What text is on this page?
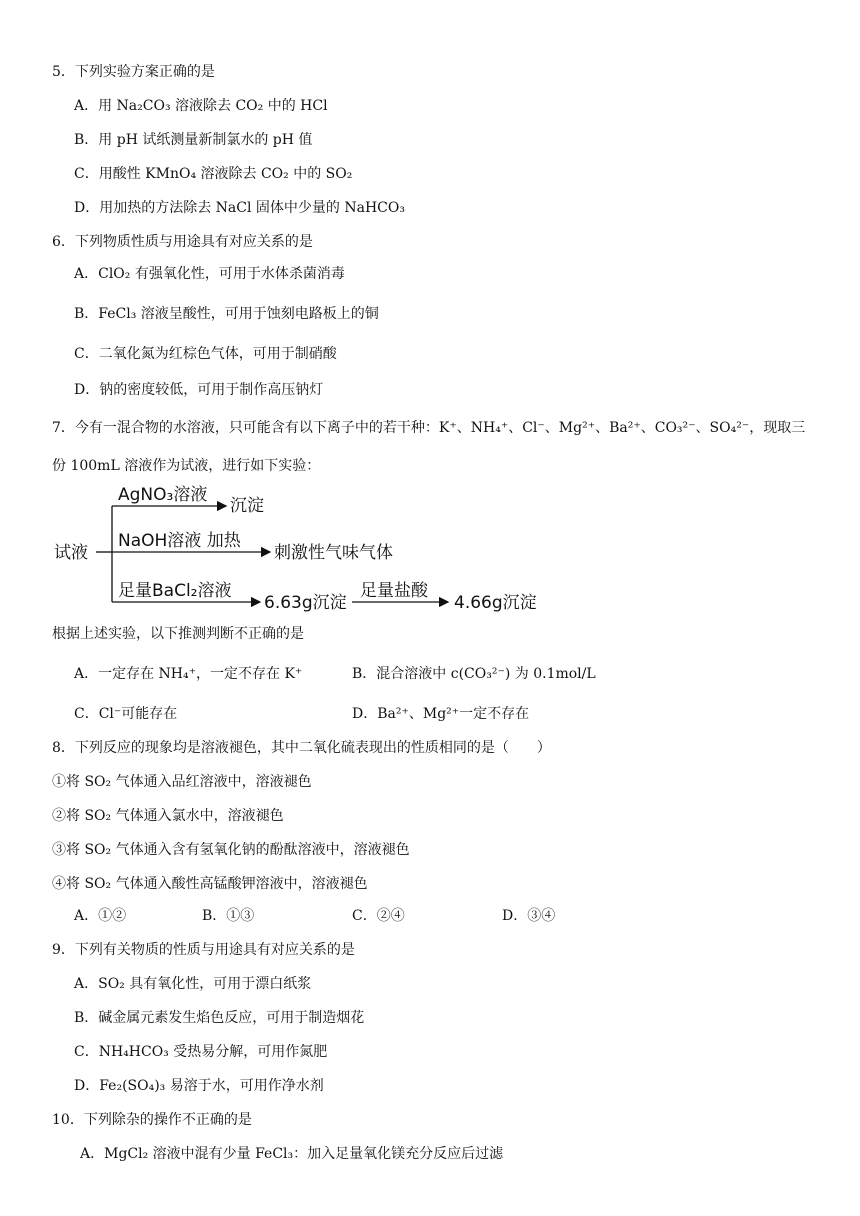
5．下列实验方案正确的是
A．用 Na₂CO₃ 溶液除去 CO₂ 中的 HCl
B．用 pH 试纸测量新制氯水的 pH 值
C．用酸性 KMnO₄ 溶液除去 CO₂ 中的 SO₂
D．用加热的方法除去 NaCl 固体中少量的 NaHCO₃
6．下列物质性质与用途具有对应关系的是
A．ClO₂ 有强氧化性，可用于水体杀菌消毒
B．FeCl₃ 溶液呈酸性，可用于蚀刻电路板上的铜
C．二氧化氮为红棕色气体，可用于制硝酸
D．钠的密度较低，可用于制作高压钠灯
7．今有一混合物的水溶液，只可能含有以下离子中的若干种：K⁺、NH₄⁺、Cl⁻、Mg²⁺、Ba²⁺、CO₃²⁻、SO₄²⁻，现取三
份 100mL 溶液作为试液，进行如下实验：
试液
AgNO₃溶液
沉淀
NaOH溶液 加热
刺激性气味气体
足量BaCl₂溶液
6.63g沉淀
足量盐酸
4.66g沉淀
根据上述实验，以下推测判断不正确的是
A．一定存在 NH₄⁺，一定不存在 K⁺	B．混合溶液中 c(CO₃²⁻) 为 0.1mol/L
C．Cl⁻可能存在	D．Ba²⁺、Mg²⁺一定不存在
8．下列反应的现象均是溶液褪色，其中二氧化硫表现出的性质相同的是（　　）
①将 SO₂ 气体通入品红溶液中，溶液褪色
②将 SO₂ 气体通入氯水中，溶液褪色
③将 SO₂ 气体通入含有氢氧化钠的酚酞溶液中，溶液褪色
④将 SO₂ 气体通入酸性高锰酸钾溶液中，溶液褪色
A．①②	B．①③	C．②④	D．③④
9．下列有关物质的性质与用途具有对应关系的是
A．SO₂ 具有氧化性，可用于漂白纸浆
B．碱金属元素发生焰色反应，可用于制造烟花
C．NH₄HCO₃ 受热易分解，可用作氮肥
D．Fe₂(SO₄)₃ 易溶于水，可用作净水剂
10．下列除杂的操作不正确的是
A．MgCl₂ 溶液中混有少量 FeCl₃：加入足量氧化镁充分反应后过滤
